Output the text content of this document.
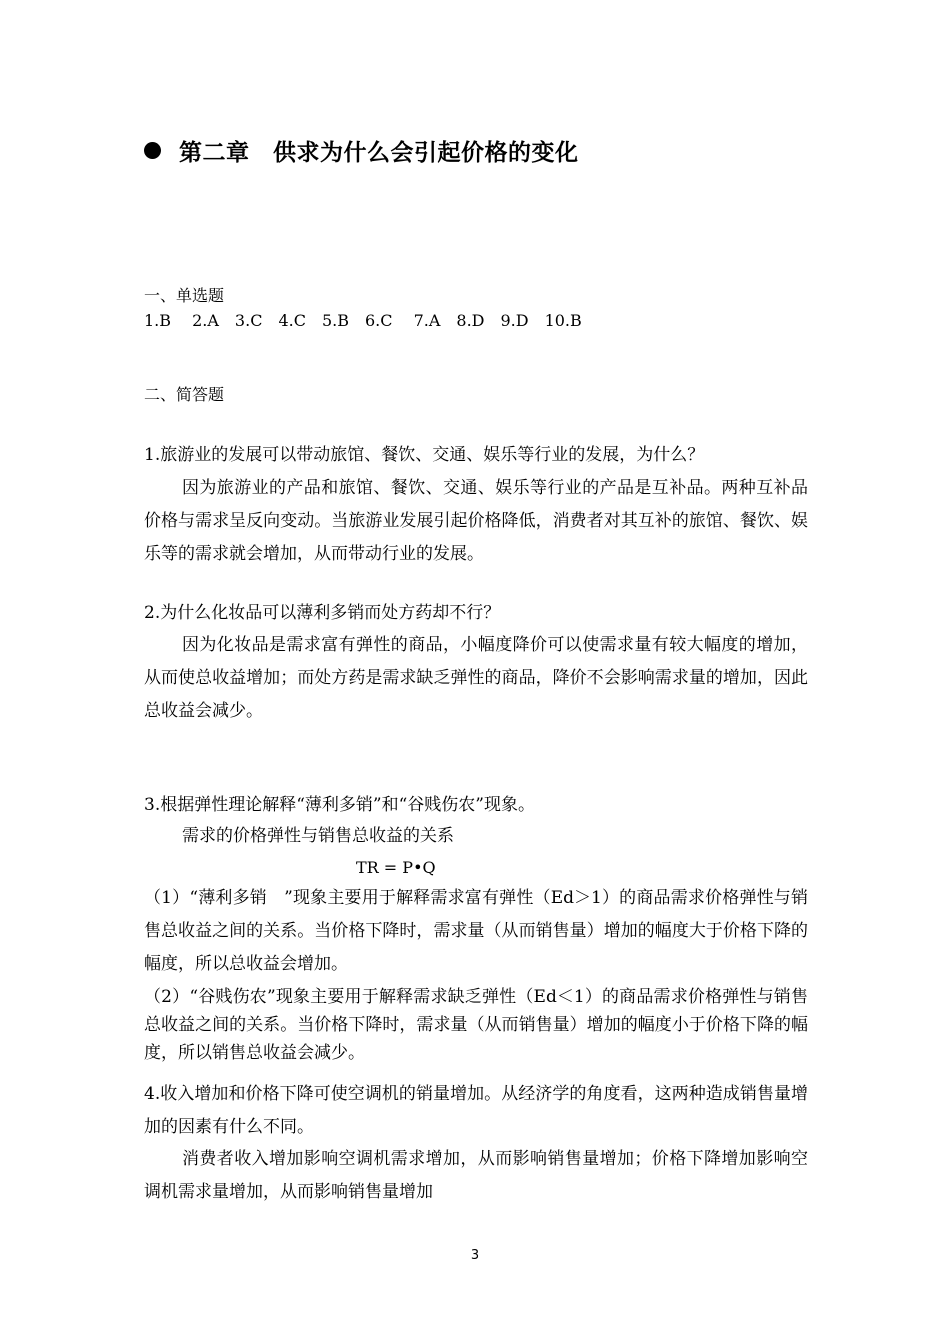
第二章　供求为什么会引起价格的变化
一、单选题
1.B　 2.A　3.C　4.C　5.B　6.C　 7.A　8.D　9.D　10.B
二、简答题
1.旅游业的发展可以带动旅馆、餐饮、交通、娱乐等行业的发展，为什么？
因为旅游业的产品和旅馆、餐饮、交通、娱乐等行业的产品是互补品。两种互补品价格与需求呈反向变动。当旅游业发展引起价格降低，消费者对其互补的旅馆、餐饮、娱乐等的需求就会增加，从而带动行业的发展。
2.为什么化妆品可以薄利多销而处方药却不行？
因为化妆品是需求富有弹性的商品，小幅度降价可以使需求量有较大幅度的增加，从而使总收益增加；而处方药是需求缺乏弹性的商品，降价不会影响需求量的增加，因此总收益会减少。
3.根据弹性理论解释“薄利多销”和“谷贱伤农”现象。
需求的价格弹性与销售总收益的关系
TR = P•Q
（1）“薄利多销　”现象主要用于解释需求富有弹性（Ed＞1）的商品需求价格弹性与销售总收益之间的关系。当价格下降时，需求量（从而销售量）增加的幅度大于价格下降的幅度，所以总收益会增加。
（2）“谷贱伤农”现象主要用于解释需求缺乏弹性（Ed＜1）的商品需求价格弹性与销售总收益之间的关系。当价格下降时，需求量（从而销售量）增加的幅度小于价格下降的幅度，所以销售总收益会减少。
4.收入增加和价格下降可使空调机的销量增加。从经济学的角度看，这两种造成销售量增加的因素有什么不同。
消费者收入增加影响空调机需求增加，从而影响销售量增加；价格下降增加影响空调机需求量增加，从而影响销售量增加
3
